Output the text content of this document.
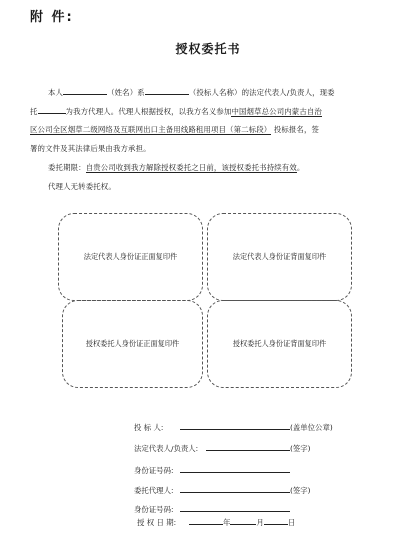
附 件:
授权委托书
本人	（姓名）系	（投标人名称）的法定代表人/负责人，现委
托	为我方代理人。代理人根据授权，以我方名义参加中国烟草总公司内蒙古自治
区公司全区烟草二级网络及互联网出口主备用线路租用项目（第二标段） 投标报名，签
署的文件及其法律后果由我方承担。
委托期限：自贵公司收到我方解除授权委托之日前，该授权委托书持续有效。
代理人无转委托权。
法定代表人身份证正面复印件	法定代表人身份证背面复印件
授权委托人身份证正面复印件	授权委托人身份证背面复印件
投 标 人:	(盖单位公章)
法定代表人/负责人:	(签字)
身份证号码:
委托代理人:	(签字)
身份证号码:
授 权 日 期:	年	月	日
